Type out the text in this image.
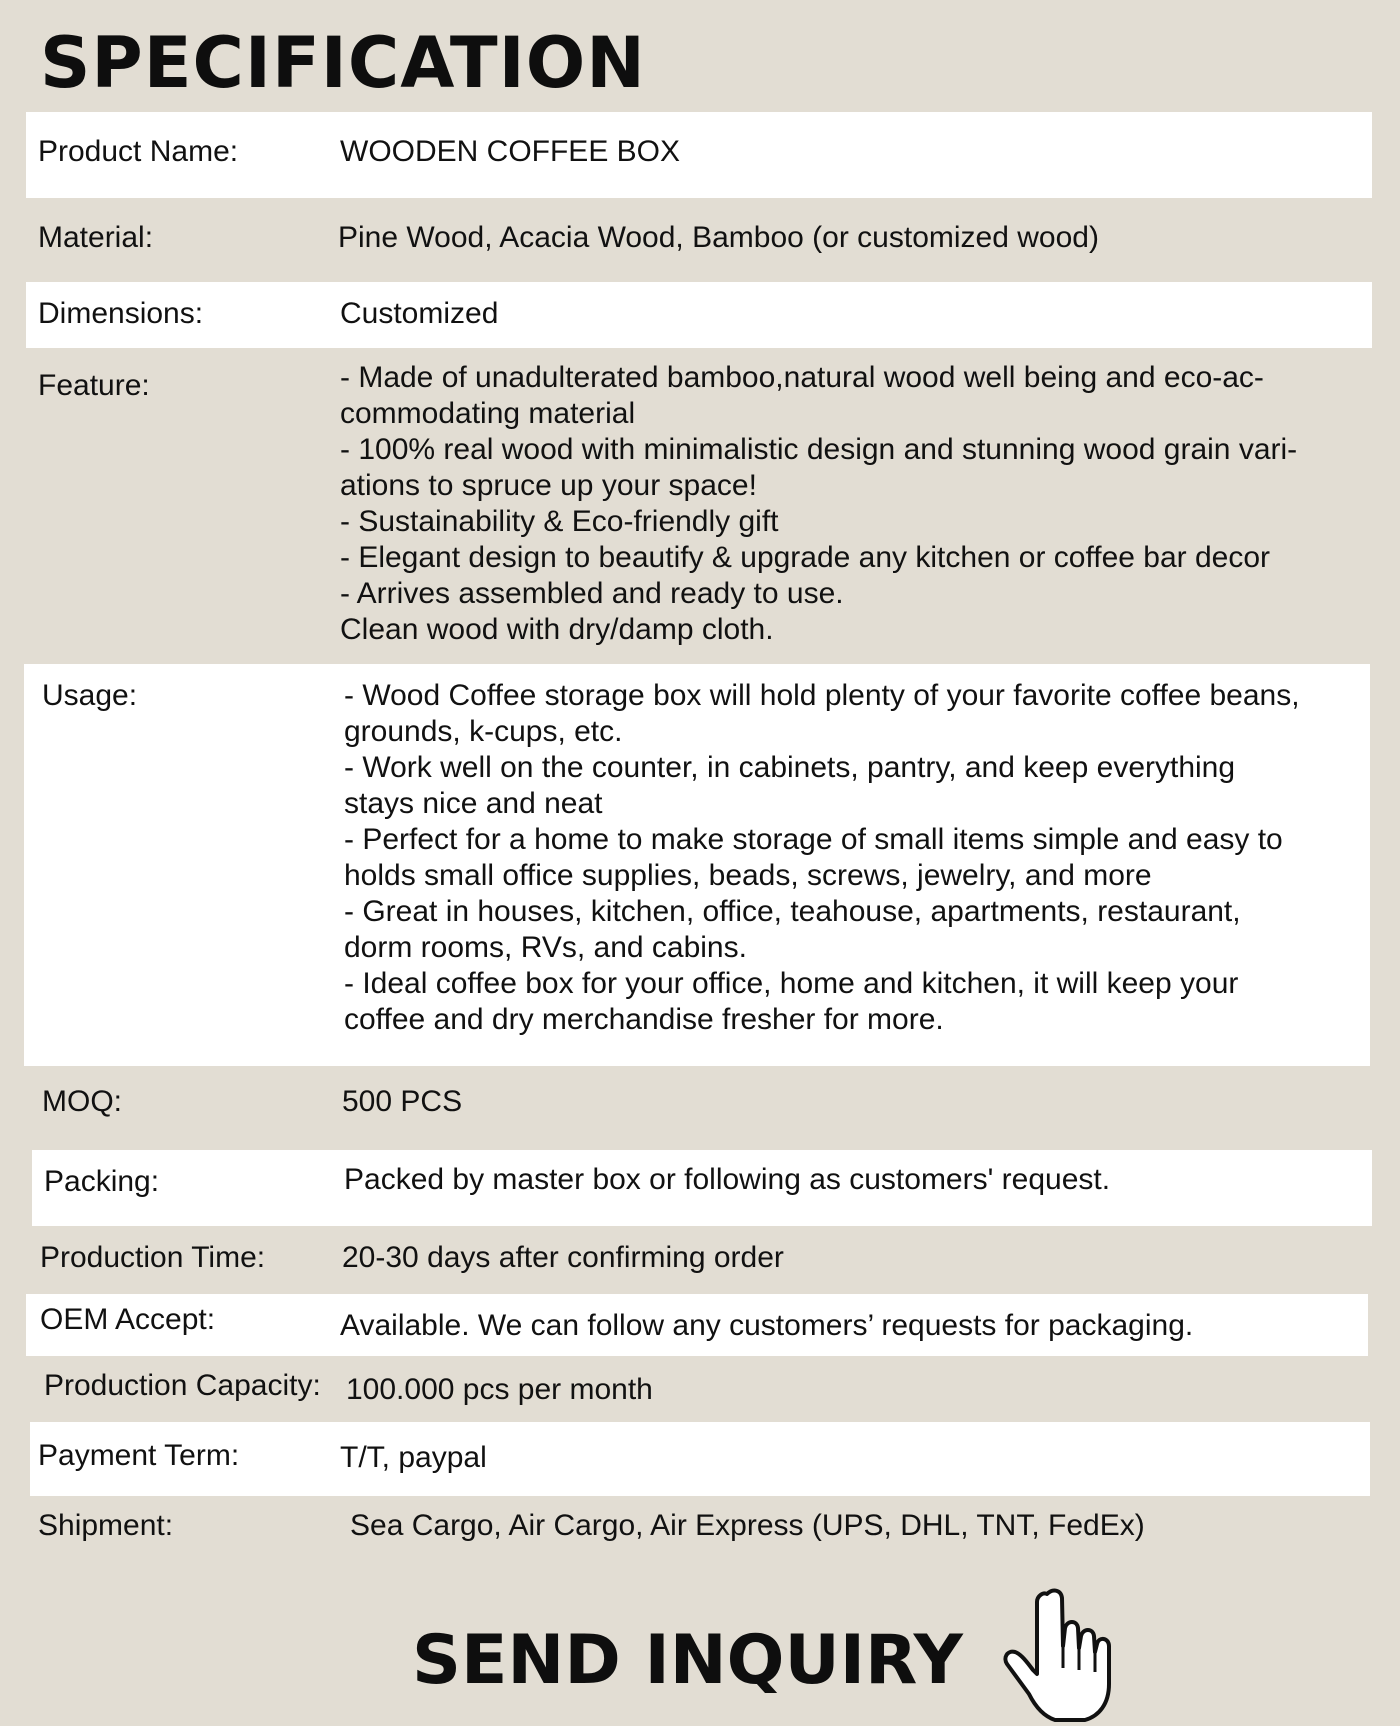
SPECIFICATION
Product Name:	WOODEN COFFEE BOX
Material:	Pine Wood, Acacia Wood, Bamboo (or customized wood)
Dimensions:	Customized
Feature:	- Made of unadulterated bamboo,natural wood well being and eco-ac-
commodating material
- 100% real wood with minimalistic design and stunning wood grain vari-
ations to spruce up your space!
- Sustainability & Eco-friendly gift
- Elegant design to beautify & upgrade any kitchen or coffee bar decor
- Arrives assembled and ready to use.
Clean wood with dry/damp cloth.
Usage:	- Wood Coffee storage box will hold plenty of your favorite coffee beans,
grounds, k-cups, etc.
- Work well on the counter, in cabinets, pantry, and keep everything
stays nice and neat
- Perfect for a home to make storage of small items simple and easy to
holds small office supplies, beads, screws, jewelry, and more
- Great in houses, kitchen, office, teahouse, apartments, restaurant,
dorm rooms, RVs, and cabins.
- Ideal coffee box for your office, home and kitchen, it will keep your
coffee and dry merchandise fresher for more.
MOQ:	500 PCS
Packing:	Packed by master box or following as customers' request.
Production Time:	20-30 days after confirming order
OEM Accept:	Available. We can follow any customers’ requests for packaging.
Production Capacity: 100.000 pcs per month
Payment Term:	T/T, paypal
Shipment:	Sea Cargo, Air Cargo, Air Express (UPS, DHL, TNT, FedEx)
SEND INQUIRY
